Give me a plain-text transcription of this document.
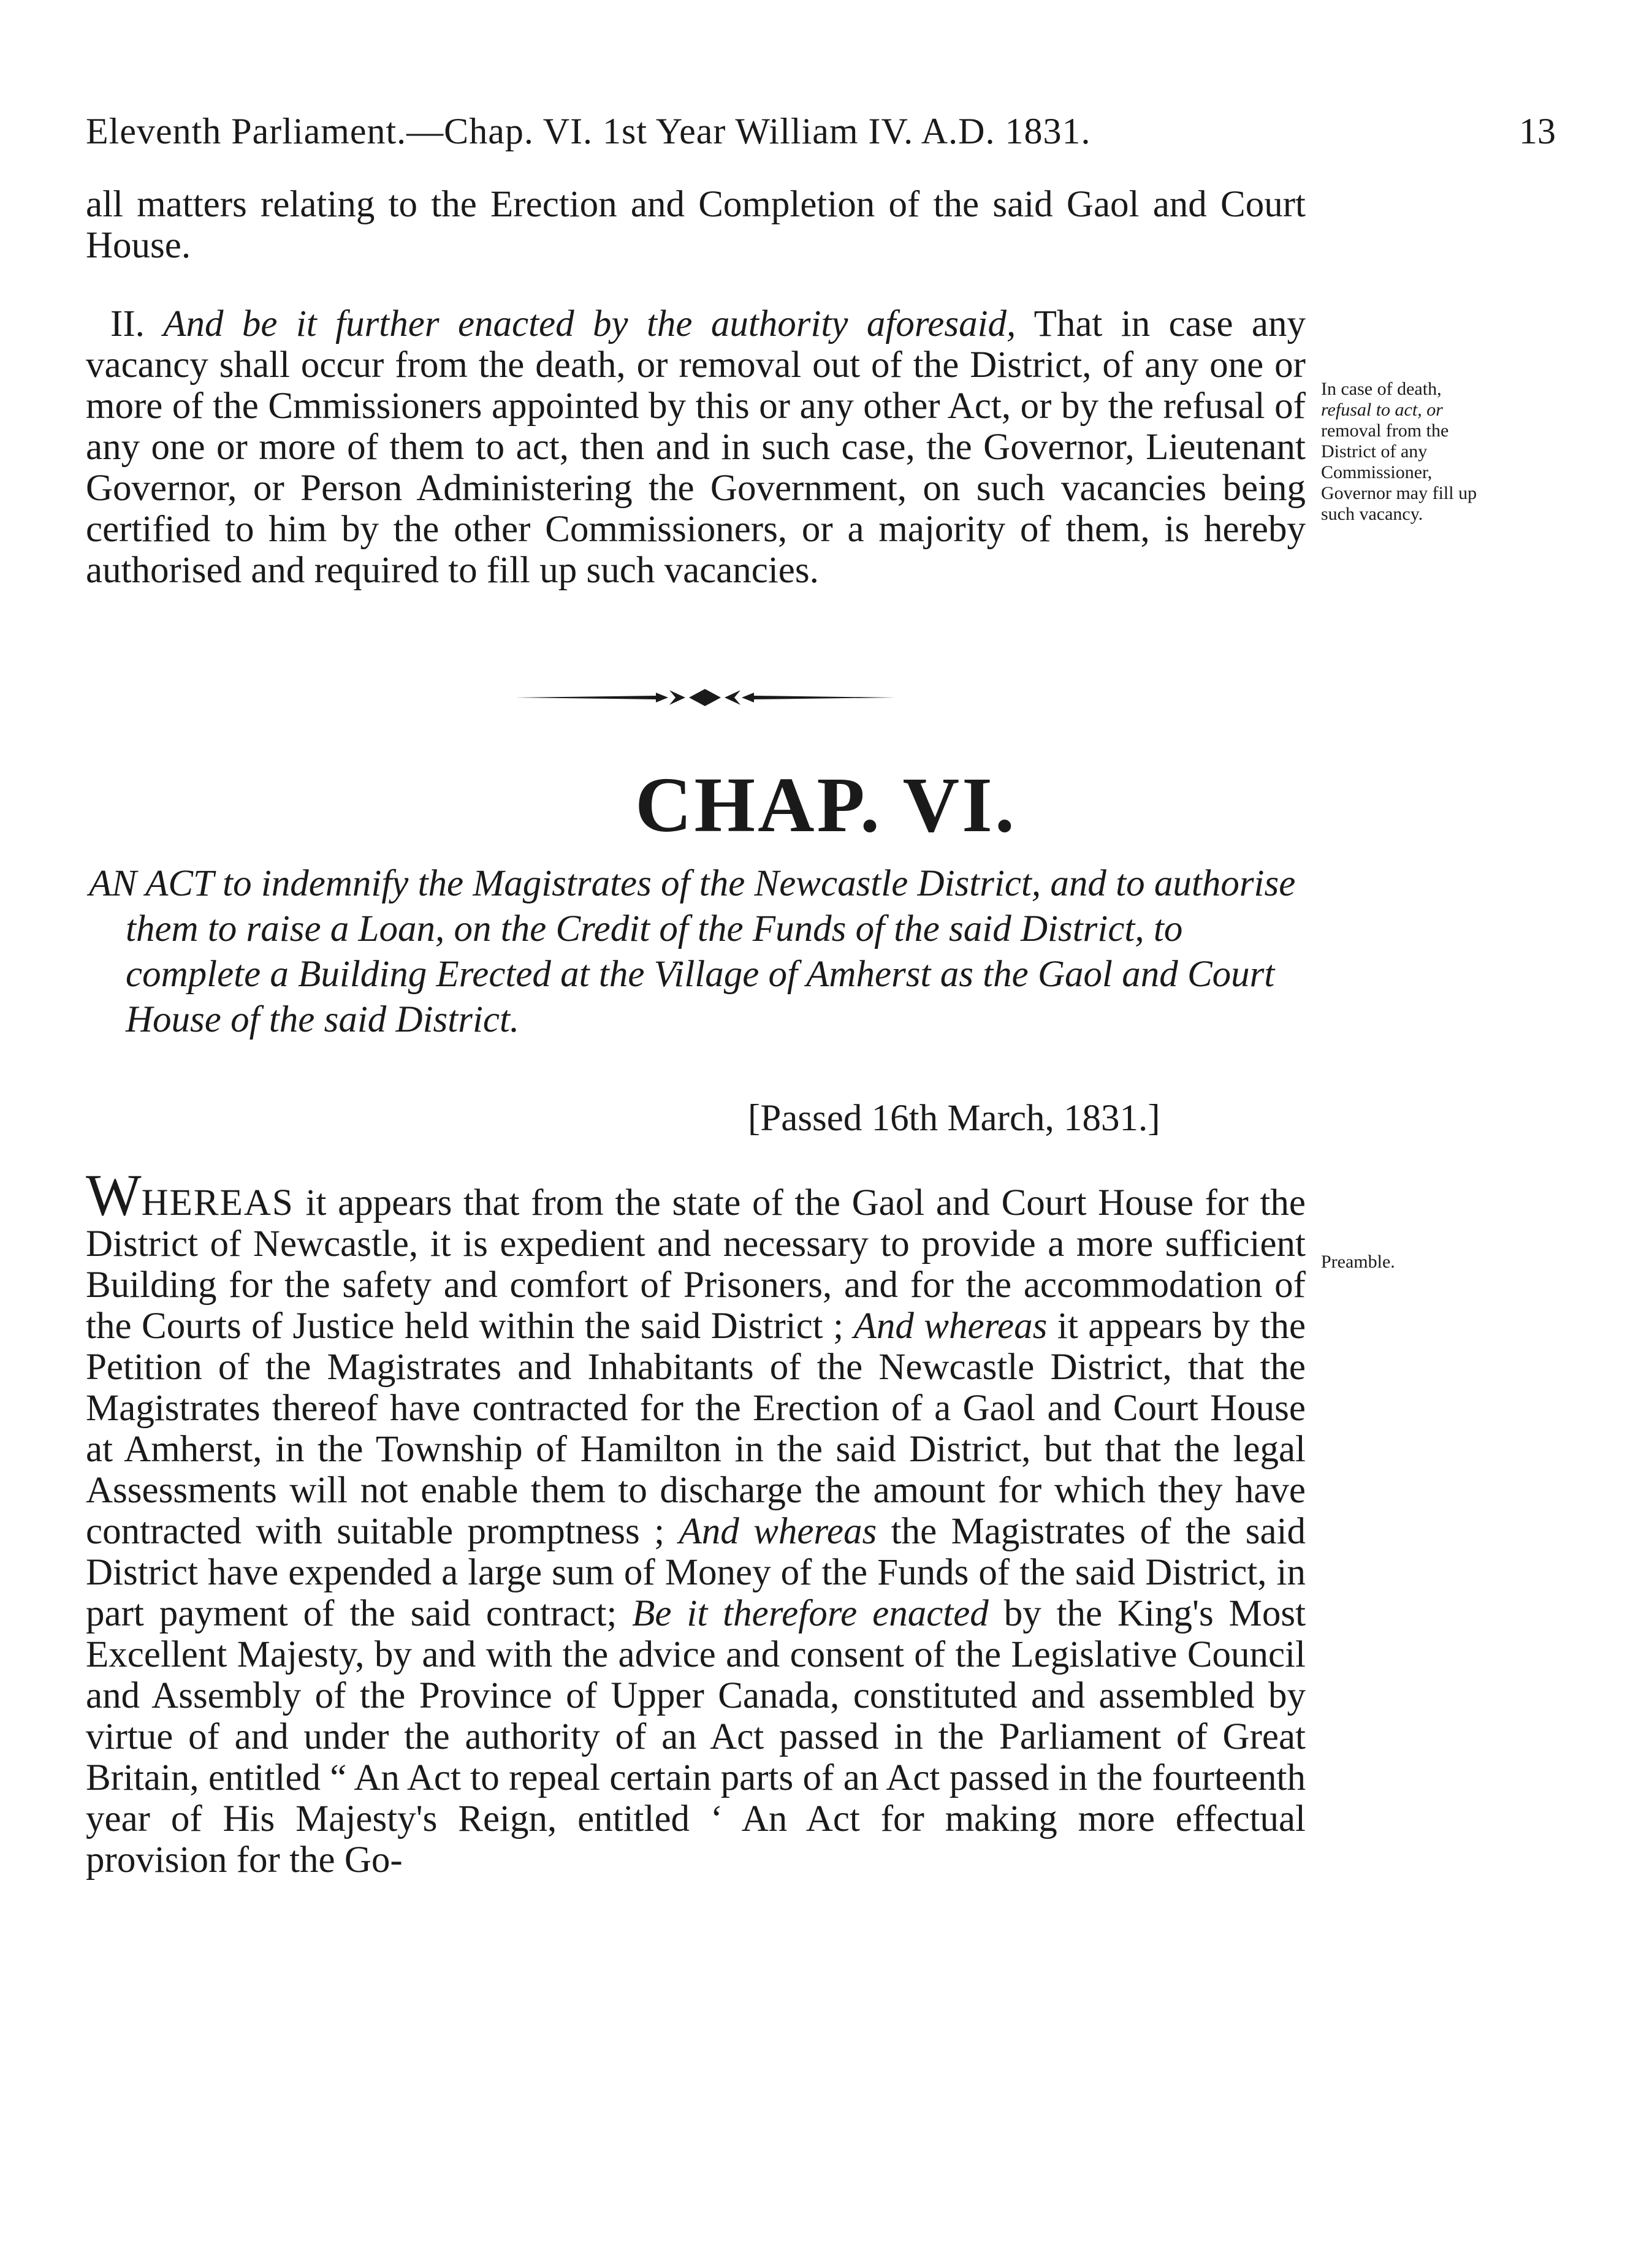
Eleventh Parliament.—Chap. VI. 1st Year William IV. A.D. 1831.	13

all matters relating to the Erection and Completion of the said Gaol and Court House.

II. And be it further enacted by the authority aforesaid, That in case any vacancy shall occur from the death, or removal out of the District, of any one or more of the Cmmissioners appointed by this or any other Act, or by the refusal of any one or more of them to act, then and in such case, the Governor, Lieutenant Governor, or Person Administering the Government, on such vacancies being certified to him by the other Commissioners, or a majority of them, is hereby authorised and required to fill up such vacancies.

In case of death,
refusal to act, or
removal from the
District of any
Commissioner,
Governor may fill up
such vacancy.
CHAP. VI.

AN ACT to indemnify the Magistrates of the Newcastle District, and to authorise them to raise a Loan, on the Credit of the Funds of the said District, to complete a Building Erected at the Village of Amherst as the Gaol and Court House of the said District.

[Passed 16th March, 1831.]

WHEREAS it appears that from the state of the Gaol and Court House for the District of Newcastle, it is expedient and necessary to provide a more sufficient Building for the safety and comfort of Prisoners, and for the accommodation of the Courts of Justice held within the said District ; And whereas it appears by the Petition of the Magistrates and Inhabitants of the Newcastle District, that the Magistrates thereof have contracted for the Erection of a Gaol and Court House at Amherst, in the Township of Hamilton in the said District, but that the legal Assessments will not enable them to discharge the amount for which they have contracted with suitable promptness ; And whereas the Magistrates of the said District have expended a large sum of Money of the Funds of the said District, in part payment of the said contract; Be it therefore enacted by the King's Most Excellent Majesty, by and with the advice and consent of the Legislative Council and Assembly of the Province of Upper Canada, constituted and assembled by virtue of and under the authority of an Act passed in the Parliament of Great Britain, entitled “ An Act to repeal certain parts of an Act passed in the fourteenth year of His Majesty's Reign, entitled ‘ An Act for making more effectual provision for the Go-

Preamble.
